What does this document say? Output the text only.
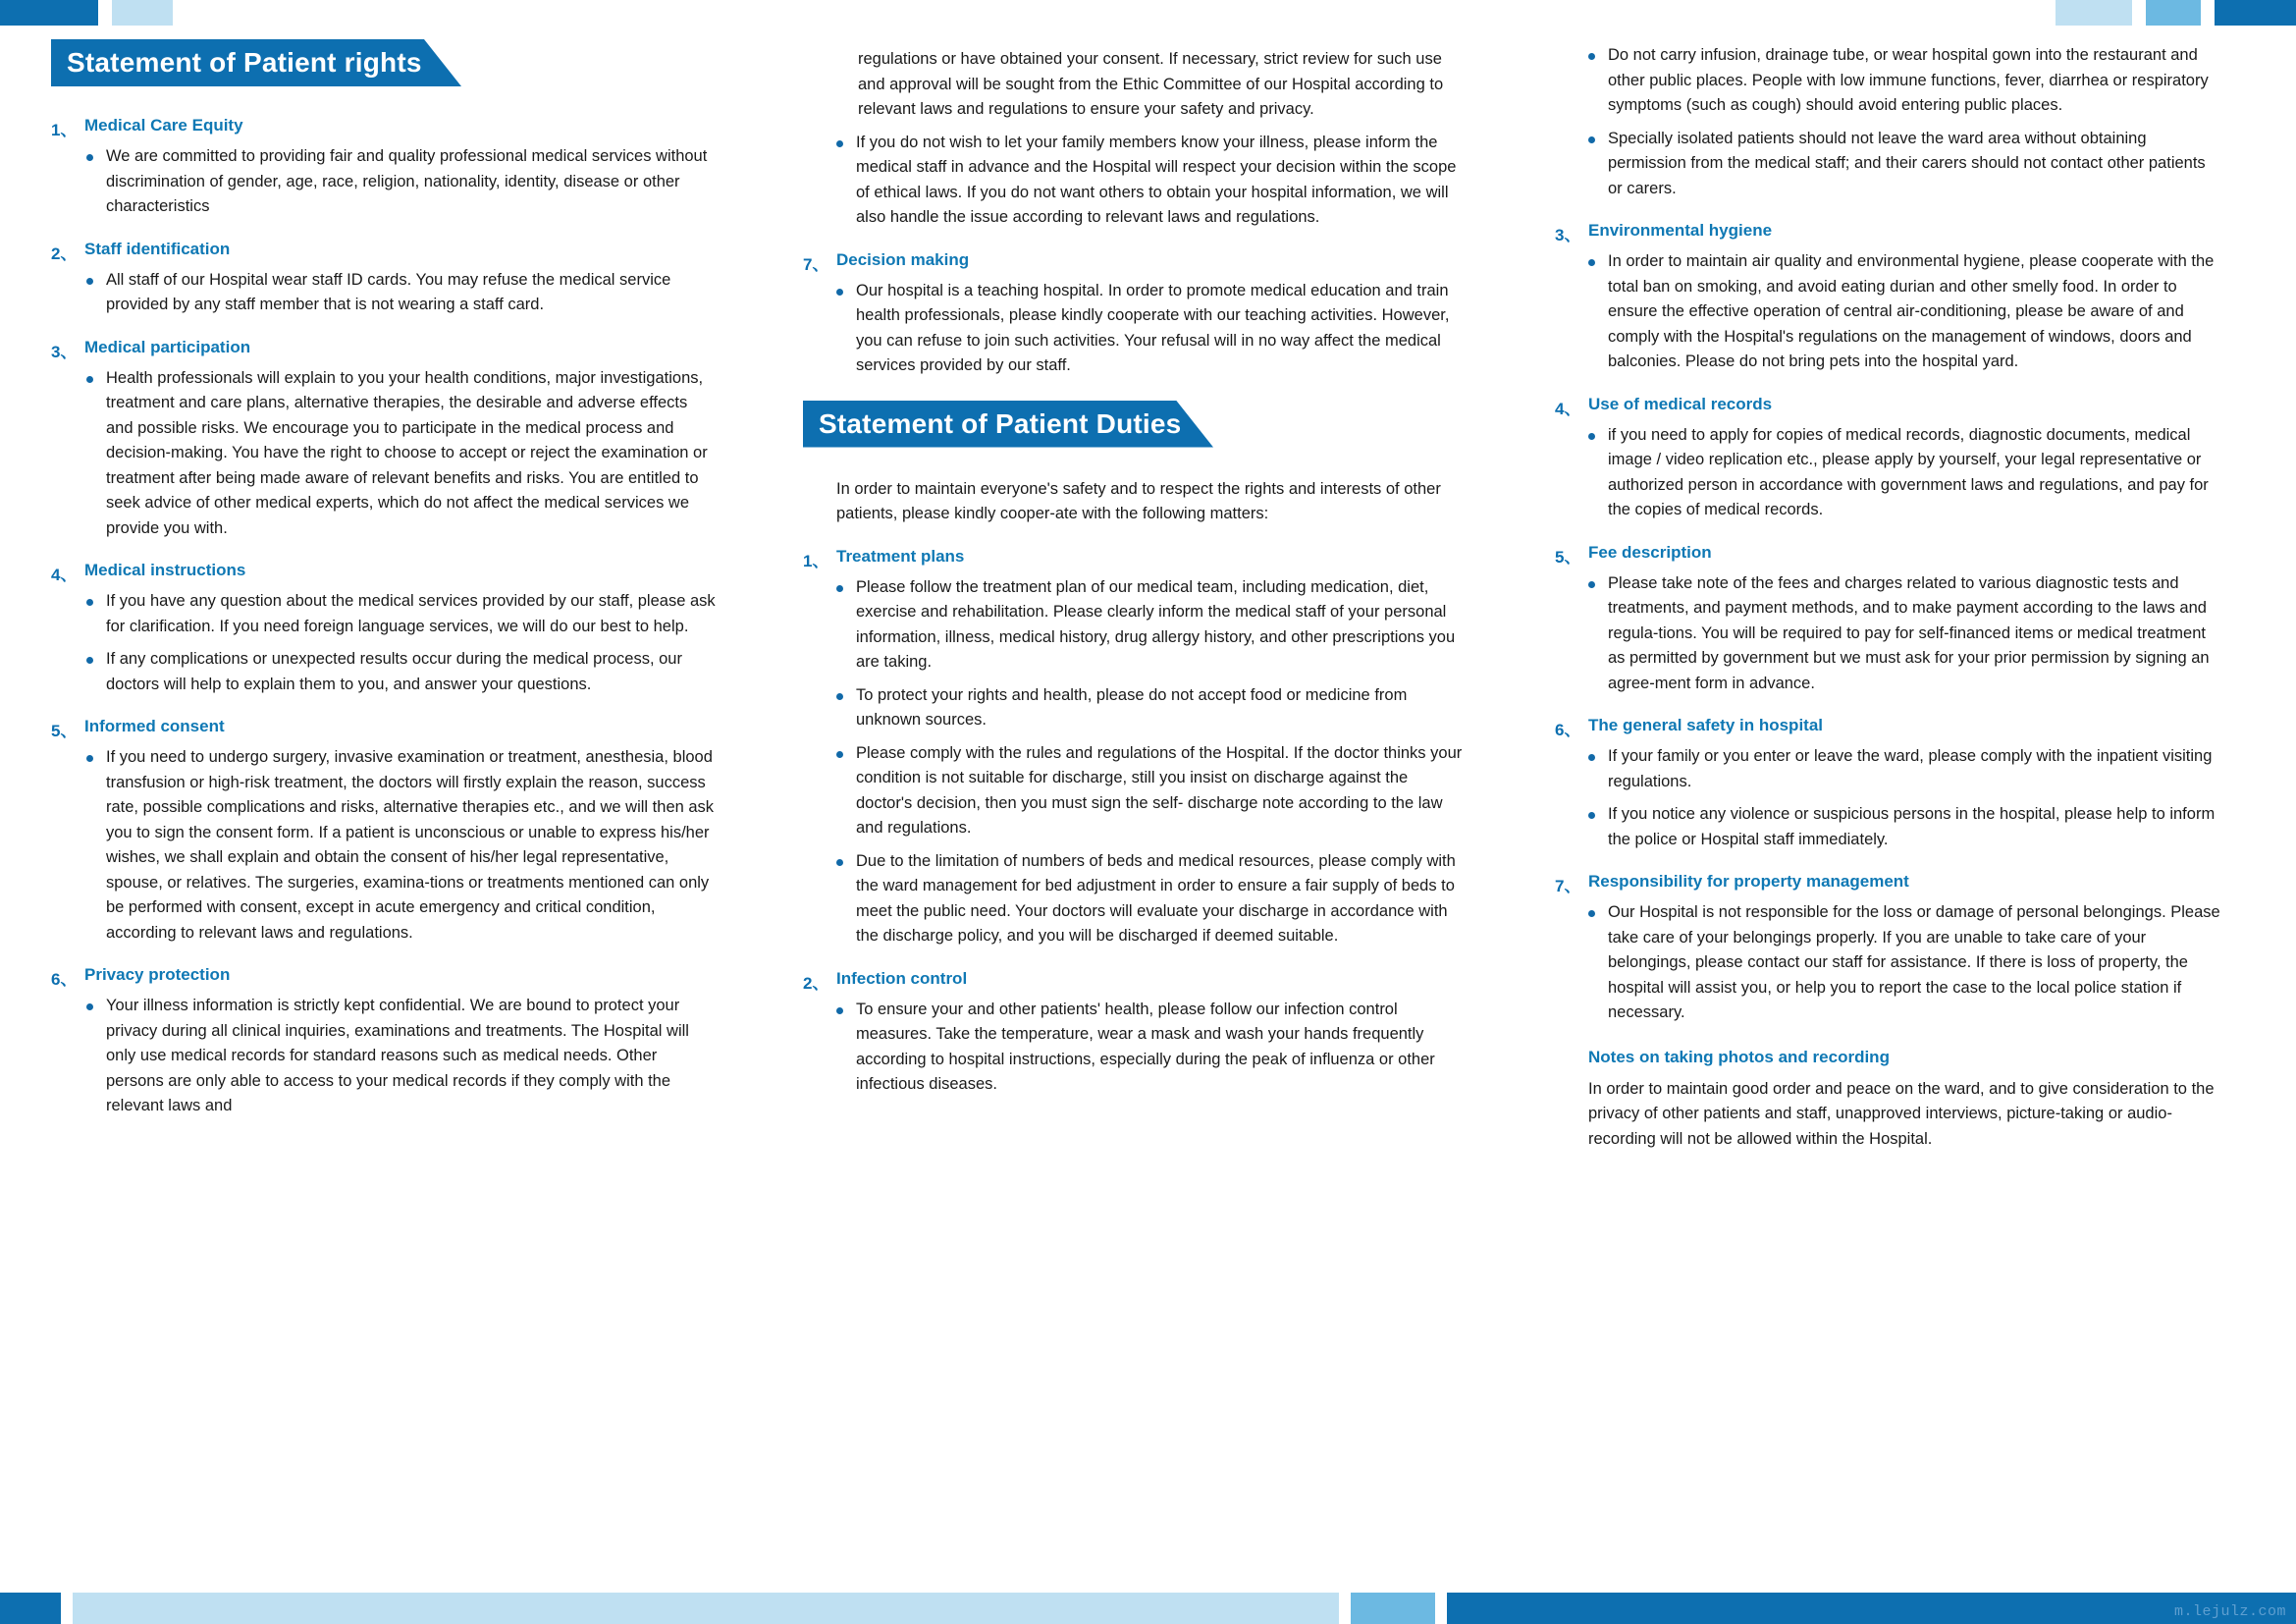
Statement of Patient rights
1、 Medical Care Equity
We are committed to providing fair and quality professional medical services without discrimination of gender, age, race, religion, nationality, identity, disease or other characteristics
2、 Staff identification
All staff of our Hospital wear staff ID cards. You may refuse the medical service provided by any staff member that is not wearing a staff card.
3、 Medical participation
Health professionals will explain to you your health conditions, major investigations, treatment and care plans, alternative therapies, the desirable and adverse effects and possible risks. We encourage you to participate in the medical process and decision-making. You have the right to choose to accept or reject the examination or treatment after being made aware of relevant benefits and risks. You are entitled to seek advice of other medical experts, which do not affect the medical services we provide you with.
4、 Medical instructions
If you have any question about the medical services provided by our staff, please ask for clarification. If you need foreign language services, we will do our best to help.
If any complications or unexpected results occur during the medical process, our doctors will help to explain them to you, and answer your questions.
5、 Informed consent
If you need to undergo surgery, invasive examination or treatment, anesthesia, blood transfusion or high-risk treatment, the doctors will firstly explain the reason, success rate, possible complications and risks, alternative therapies etc., and we will then ask you to sign the consent form. If a patient is unconscious or unable to express his/her wishes, we shall explain and obtain the consent of his/her legal representative, spouse, or relatives. The surgeries, examina-tions or treatments mentioned can only be performed with consent, except in acute emergency and critical condition, according to relevant laws and regulations.
6、 Privacy protection
Your illness information is strictly kept confidential. We are bound to protect your privacy during all clinical inquiries, examinations and treatments. The Hospital will only use medical records for standard reasons such as medical needs. Other persons are only able to access to your medical records if they comply with the relevant laws and
regulations or have obtained your consent. If necessary, strict review for such use and approval will be sought from the Ethic Committee of our Hospital according to relevant laws and regulations to ensure your safety and privacy.
If you do not wish to let your family members know your illness, please inform the medical staff in advance and the Hospital will respect your decision within the scope of ethical laws. If you do not want others to obtain your hospital information, we will also handle the issue according to relevant laws and regulations.
7、 Decision making
Our hospital is a teaching hospital. In order to promote medical education and train health professionals, please kindly cooperate with our teaching activities. However, you can refuse to join such activities. Your refusal will in no way affect the medical services provided by our staff.
Statement of Patient Duties

In order to maintain everyone's safety and to respect the rights and interests of other patients, please kindly cooper-ate with the following matters:

1、 Treatment plans
Please follow the treatment plan of our medical team, including medication, diet, exercise and rehabilitation. Please clearly inform the medical staff of your personal information, illness, medical history, drug allergy history, and other prescriptions you are taking.
To protect your rights and health, please do not accept food or medicine from unknown sources.
Please comply with the rules and regulations of the Hospital. If the doctor thinks your condition is not suitable for discharge, still you insist on discharge against the doctor's decision, then you must sign the self- discharge note according to the law and regulations.
Due to the limitation of numbers of beds and medical resources, please comply with the ward management for bed adjustment in order to ensure a fair supply of beds to meet the public need. Your doctors will evaluate your discharge in accordance with the discharge policy, and you will be discharged if deemed suitable.
2、 Infection control
To ensure your and other patients' health, please follow our infection control measures. Take the temperature, wear a mask and wash your hands frequently according to hospital instructions, especially during the peak of influenza or other infectious diseases.
Do not carry infusion, drainage tube, or wear hospital gown into the restaurant and other public places. People with low immune functions, fever, diarrhea or respiratory symptoms (such as cough) should avoid entering public places.
Specially isolated patients should not leave the ward area without obtaining permission from the medical staff; and their carers should not contact other patients or carers.
3、 Environmental hygiene
In order to maintain air quality and environmental hygiene, please cooperate with the total ban on smoking, and avoid eating durian and other smelly food. In order to ensure the effective operation of central air-conditioning, please be aware of and comply with the Hospital's regulations on the management of windows, doors and balconies. Please do not bring pets into the hospital yard.
4、 Use of medical records
if you need to apply for copies of medical records, diagnostic documents, medical image / video replication etc., please apply by yourself, your legal representative or authorized person in accordance with government laws and regulations, and pay for the copies of medical records.
5、 Fee description
Please take note of the fees and charges related to various diagnostic tests and treatments, and payment methods, and to make payment according to the laws and regula-tions. You will be required to pay for self-financed items or medical treatment as permitted by government but we must ask for your prior permission by signing an agree-ment form in advance.
6、 The general safety in hospital
If your family or you enter or leave the ward, please comply with the inpatient visiting regulations.
If you notice any violence or suspicious persons in the hospital, please help to inform the police or Hospital staff immediately.
7、 Responsibility for property management
Our Hospital is not responsible for the loss or damage of personal belongings. Please take care of your belongings properly. If you are unable to take care of your belongings, please contact our staff for assistance. If there is loss of property, the hospital will assist you, or help you to report the case to the local police station if necessary.
Notes on taking photos and recording

In order to maintain good order and peace on the ward, and to give consideration to the privacy of other patients and staff, unapproved interviews, picture-taking or audio-recording will not be allowed within the Hospital.

m.lejulz.com
